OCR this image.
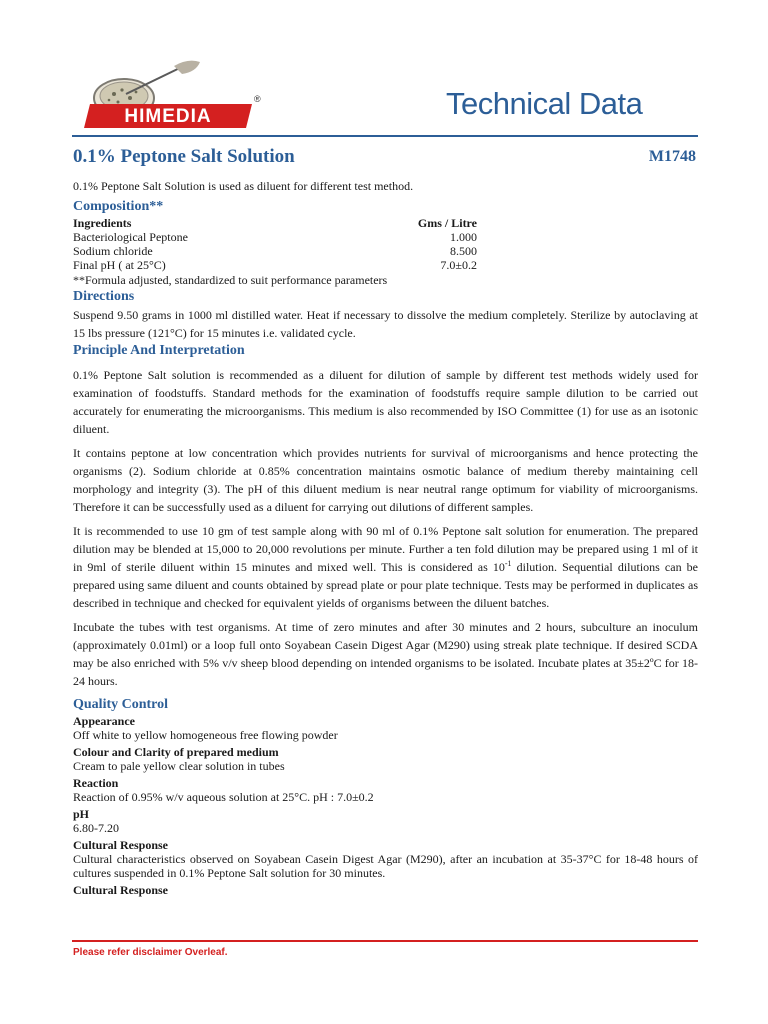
HIMEDIA
®	Technical Data
0.1% Peptone Salt Solution	M1748

0.1% Peptone Salt Solution is used as diluent for different test method.

Composition**
Ingredients	Gms / Litre
Bacteriological Peptone	1.000
Sodium chloride	8.500
Final pH ( at 25°C)	7.0±0.2

**Formula adjusted, standardized to suit performance parameters

Directions

Suspend 9.50 grams in 1000 ml distilled water. Heat if necessary to dissolve the medium completely. Sterilize by autoclaving at 15 lbs pressure (121°C) for 15 minutes i.e. validated cycle.

Principle And Interpretation

0.1% Peptone Salt solution is recommended as a diluent for dilution of sample by different test methods widely used for examination of foodstuffs. Standard methods for the examination of foodstuffs require sample dilution to be carried out accurately for enumerating the microorganisms. This medium is also recommended by ISO Committee (1) for use as an isotonic diluent.

It contains peptone at low concentration which provides nutrients for survival of microorganisms and hence protecting the organisms (2). Sodium chloride at 0.85% concentration maintains osmotic balance of medium thereby maintaining cell morphology and integrity (3). The pH of this diluent medium is near neutral range optimum for viability of microorganisms. Therefore it can be successfully used as a diluent for carrying out dilutions of different samples.

It is recommended to use 10 gm of test sample along with 90 ml of 0.1% Peptone salt solution for enumeration. The prepared dilution may be blended at 15,000 to 20,000 revolutions per minute. Further a ten fold dilution may be prepared using 1 ml of it in 9ml of sterile diluent within 15 minutes and mixed well. This is considered as $10^{-1}$ dilution. Sequential dilutions can be prepared using same diluent and counts obtained by spread plate or pour plate technique. Tests may be performed in duplicates as described in technique and checked for equivalent yields of organisms between the diluent batches.

Incubate the tubes with test organisms. At time of zero minutes and after 30 minutes and 2 hours, subculture an inoculum (approximately 0.01ml) or a loop full onto Soyabean Casein Digest Agar (M290) using streak plate technique. If desired SCDA may be also enriched with 5% v/v sheep blood depending on intended organisms to be isolated. Incubate plates at 35±2ºC for 18-24 hours.

Quality Control
Appearance

Off white to yellow homogeneous free flowing powder

Colour and Clarity of prepared medium

Cream to pale yellow clear solution in tubes

Reaction

Reaction of 0.95% w/v aqueous solution at 25°C. pH : 7.0±0.2

pH

6.80-7.20

Cultural Response

Cultural characteristics observed on Soyabean Casein Digest Agar (M290), after an incubation at 35-37°C for 18-48 hours of cultures suspended in 0.1% Peptone Salt solution for 30 minutes.

Cultural Response
Please refer disclaimer Overleaf.
